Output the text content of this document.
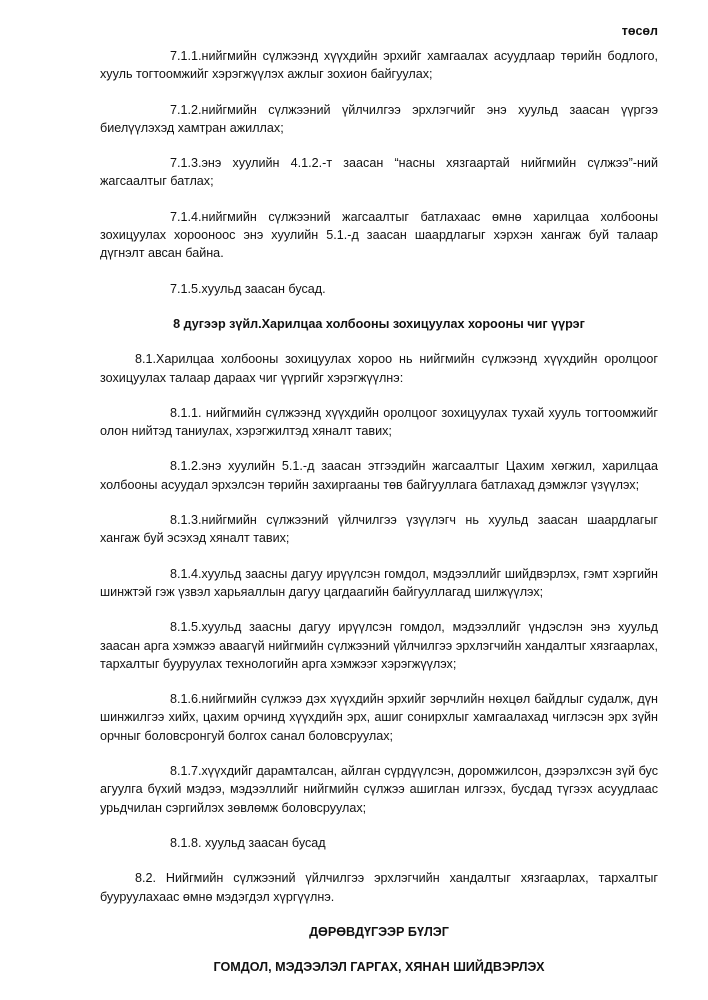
төсөл

7.1.1.нийгмийн сүлжээнд хүүхдийн эрхийг хамгаалах асуудлаар төрийн бодлого, хууль тогтоомжийг хэрэгжүүлэх ажлыг зохион байгуулах;

7.1.2.нийгмийн сүлжээний үйлчилгээ эрхлэгчийг энэ хуульд заасан үүргээ биелүүлэхэд хамтран ажиллах;

7.1.3.энэ хуулийн 4.1.2.-т заасан “насны хязгаартай нийгмийн сүлжээ”-ний жагсаалтыг батлах;

7.1.4.нийгмийн сүлжээний жагсаалтыг батлахаас өмнө харилцаа холбооны зохицуулах хорооноос энэ хуулийн 5.1.-д заасан шаардлагыг хэрхэн хангаж буй талаар дүгнэлт авсан байна.

7.1.5.хуульд заасан бусад.

8 дугээр зүйл.Харилцаа холбооны зохицуулах хорооны чиг үүрэг

8.1.Харилцаа холбооны зохицуулах хороо нь нийгмийн сүлжээнд хүүхдийн оролцоог зохицуулах талаар дараах чиг үүргийг хэрэгжүүлнэ:

8.1.1. нийгмийн сүлжээнд хүүхдийн оролцоог зохицуулах тухай хууль тогтоомжийг олон нийтэд таниулах, хэрэгжилтэд хяналт тавих;

8.1.2.энэ хуулийн 5.1.-д заасан этгээдийн жагсаалтыг Цахим хөгжил, харилцаа холбооны асуудал эрхэлсэн төрийн захиргааны төв байгууллага батлахад дэмжлэг үзүүлэх;

8.1.3.нийгмийн сүлжээний үйлчилгээ үзүүлэгч нь хуульд заасан шаардлагыг хангаж буй эсэхэд хяналт тавих;

8.1.4.хуульд заасны дагуу ирүүлсэн гомдол, мэдээллийг шийдвэрлэх, гэмт хэргийн шинжтэй гэж үзвэл харьяаллын дагуу цагдаагийн байгууллагад шилжүүлэх;

8.1.5.хуульд заасны дагуу ирүүлсэн гомдол, мэдээллийг үндэслэн энэ хуульд заасан арга хэмжээ аваагүй нийгмийн сүлжээний үйлчилгээ эрхлэгчийн хандалтыг хязгаарлах, тархалтыг бууруулах технологийн арга хэмжээг хэрэгжүүлэх;

8.1.6.нийгмийн сүлжээ дэх хүүхдийн эрхийг зөрчлийн нөхцөл байдлыг судалж, дүн шинжилгээ хийх, цахим орчинд хүүхдийн эрх, ашиг сонирхлыг хамгаалахад чиглэсэн эрх зүйн орчныг боловсронгуй болгох санал боловсруулах;

8.1.7.хүүхдийг дарамталсан, айлган сүрдүүлсэн, доромжилсон, дээрэлхсэн зүй бус агуулга бүхий мэдээ, мэдээллийг нийгмийн сүлжээ ашиглан илгээх, бусдад түгээх асуудлаас урьдчилан сэргийлэх зөвлөмж боловсруулах;

8.1.8. хуульд заасан бусад

8.2. Нийгмийн сүлжээний үйлчилгээ эрхлэгчийн хандалтыг хязгаарлах, тархалтыг бууруулахаас өмнө мэдэгдэл хүргүүлнэ.

ДӨРӨВДҮГЭЭР БҮЛЭГ

ГОМДОЛ, МЭДЭЭЛЭЛ ГАРГАХ, ХЯНАН ШИЙДВЭРЛЭХ
